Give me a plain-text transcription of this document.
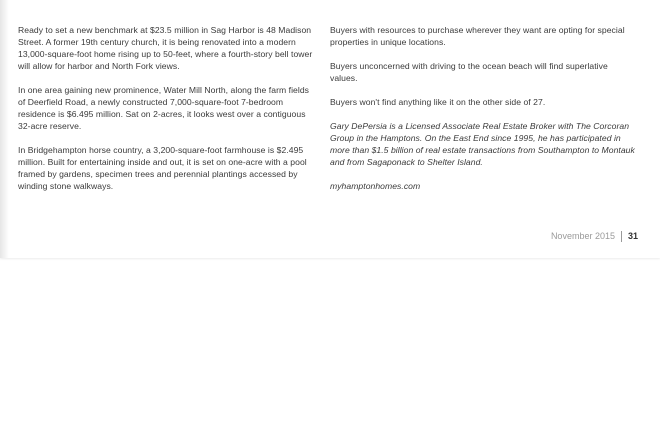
Ready to set a new benchmark at $23.5 million in Sag Harbor is 48 Madison Street. A former 19th century church, it is being renovated into a modern 13,000-square-foot home rising up to 50-feet, where a fourth-story bell tower will allow for harbor and North Fork views.

In one area gaining new prominence, Water Mill North, along the farm fields of Deerfield Road, a newly constructed 7,000-square-foot 7-bedroom residence is $6.495 million. Sat on 2-acres, it looks west over a contiguous 32-acre reserve.

In Bridgehampton horse country, a 3,200-square-foot farmhouse is $2.495 million. Built for entertaining inside and out, it is set on one-acre with a pool framed by gardens, specimen trees and perennial plantings accessed by winding stone walkways.

Buyers with resources to purchase wherever they want are opting for special properties in unique locations.

Buyers unconcerned with driving to the ocean beach will find superlative values.

Buyers won't find anything like it on the other side of 27.

Gary DePersia is a Licensed Associate Real Estate Broker with The Corcoran Group in the Hamptons. On the East End since 1995, he has participated in more than $1.5 billion of real estate transactions from Southampton to Montauk and from Sagaponack to Shelter Island.

myhamptonhomes.com

November 2015 31
